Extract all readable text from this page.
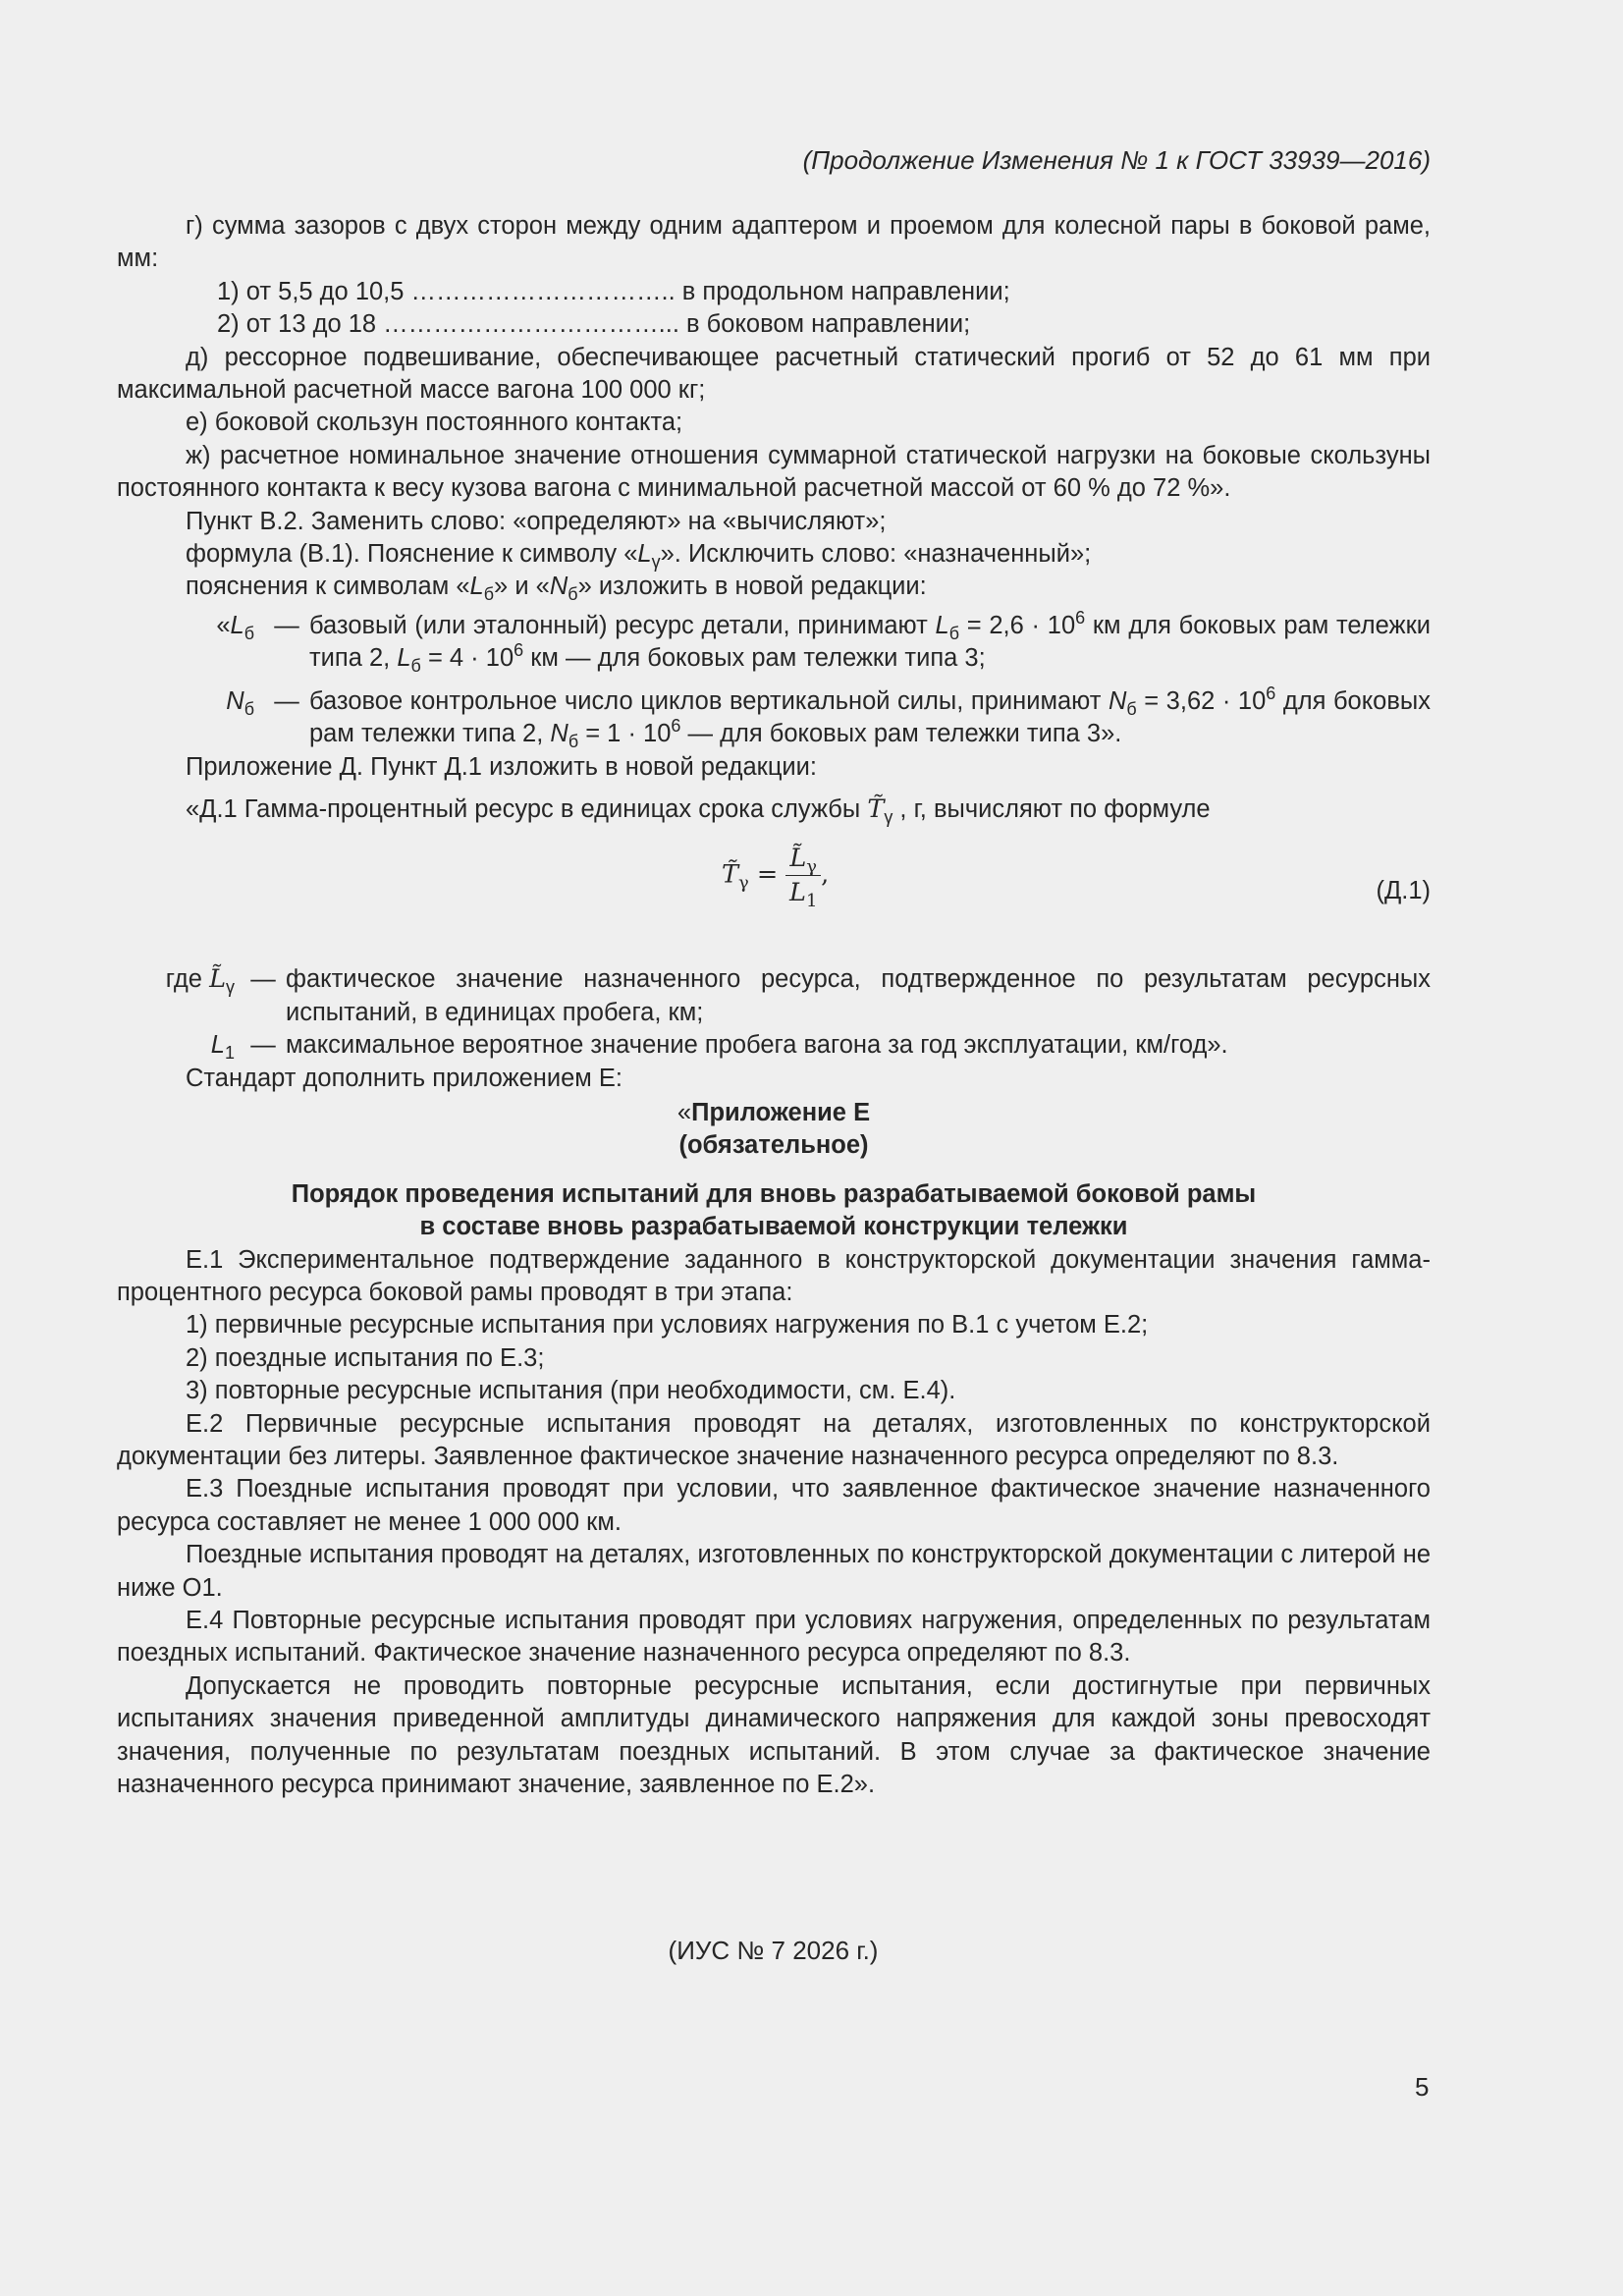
(Продолжение Изменения № 1 к ГОСТ 33939—2016)

г) сумма зазоров с двух сторон между одним адаптером и проемом для колесной пары в боковой раме, мм:

1) от 5,5 до 10,5 ………………………….. в продольном направлении;

2) от 13 до 18 ……………………………... в боковом направлении;

д) рессорное подвешивание, обеспечивающее расчетный статический прогиб от 52 до 61 мм при максимальной расчетной массе вагона 100 000 кг;

е) боковой скользун постоянного контакта;

ж) расчетное номинальное значение отношения суммарной статической нагрузки на боковые скользуны постоянного контакта к весу кузова вагона с минимальной расчетной массой от 60 % до 72 %».

Пункт В.2. Заменить слово: «определяют» на «вычисляют»;

формула (В.1). Пояснение к символу «$L_\gamma$». Исключить слово: «назначенный»;

пояснения к символам «$L_б$» и «$N_б$» изложить в новой редакции:

«$L_б$	—	базовый (или эталонный) ресурс детали, принимают $L_б = 2,6 \cdot 10^6$ км для боковых рам тележки типа 2, $L_б = 4 \cdot 10^6$ км — для боковых рам тележки типа 3;
$N_б$	—	базовое контрольное число циклов вертикальной силы, принимают $N_б = 3,62 \cdot 10^6$ для боковых рам тележки типа 2, $N_б = 1 \cdot 10^6$ — для боковых рам тележки типа 3».

Приложение Д. Пункт Д.1 изложить в новой редакции:

«Д.1 Гамма-процентный ресурс в единицах срока службы $T̃_\gamma$ , г, вычисляют по формуле

$T̃_\gamma = \frac{L̃_\gamma}{L_1}$ ,
(Д.1)
где $L̃_\gamma$	—	фактическое значение назначенного ресурса, подтвержденное по результатам ресурсных испытаний, в единицах пробега, км;
$L_1$	—	максимальное вероятное значение пробега вагона за год эксплуатации, км/год».

Стандарт дополнить приложением Е:

«Приложение Е

(обязательное)

Порядок проведения испытаний для вновь разрабатываемой боковой рамы

в составе вновь разрабатываемой конструкции тележки

Е.1 Экспериментальное подтверждение заданного в конструкторской документации значения гамма-процентного ресурса боковой рамы проводят в три этапа:

1) первичные ресурсные испытания при условиях нагружения по В.1 с учетом Е.2;

2) поездные испытания по Е.3;

3) повторные ресурсные испытания (при необходимости, см. Е.4).

Е.2 Первичные ресурсные испытания проводят на деталях, изготовленных по конструкторской документации без литеры. Заявленное фактическое значение назначенного ресурса определяют по 8.3.

Е.3 Поездные испытания проводят при условии, что заявленное фактическое значение назначенного ресурса составляет не менее 1 000 000 км.

Поездные испытания проводят на деталях, изготовленных по конструкторской документации с литерой не ниже О1.

Е.4 Повторные ресурсные испытания проводят при условиях нагружения, определенных по результатам поездных испытаний. Фактическое значение назначенного ресурса определяют по 8.3.

Допускается не проводить повторные ресурсные испытания, если достигнутые при первичных испытаниях значения приведенной амплитуды динамического напряжения для каждой зоны превосходят значения, полученные по результатам поездных испытаний. В этом случае за фактическое значение назначенного ресурса принимают значение, заявленное по Е.2».

(ИУС № 7 2026 г.)
5
